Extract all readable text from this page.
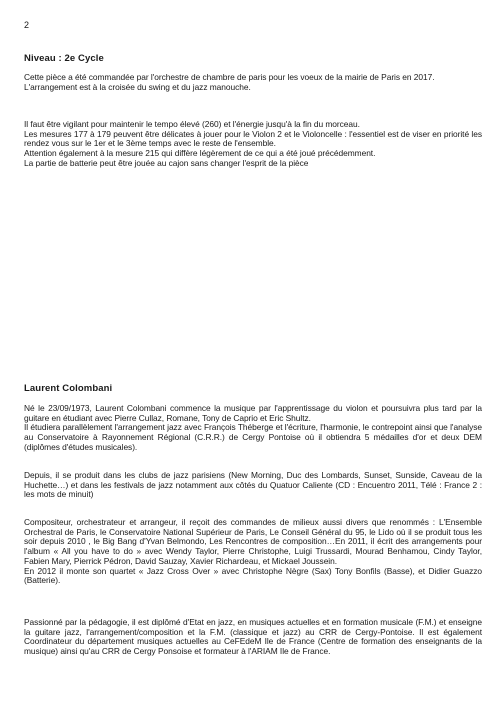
2
Niveau : 2e Cycle
Cette pièce a été commandée par l'orchestre de chambre de paris pour les voeux de la mairie de Paris en 2017.
L'arrangement est à la croisée du swing et du jazz manouche.
Il faut être vigilant pour maintenir le tempo élevé (260) et l'énergie jusqu'à la fin du morceau.
Les mesures 177 à 179 peuvent être délicates à jouer pour le Violon 2 et le Violoncelle : l'essentiel est de viser en priorité les rendez vous sur le 1er et le 3ème temps avec le reste de l'ensemble.
Attention également à la mesure 215 qui diffère légèrement de ce qui a été joué précédemment.
La partie de batterie peut être jouée au cajon sans changer l'esprit de la pièce
Laurent Colombani
Né le 23/09/1973, Laurent Colombani commence la musique par l'apprentissage du violon et poursuivra plus tard par la guitare en étudiant avec Pierre Cullaz, Romane, Tony de Caprio et Eric Shultz.
Il étudiera parallèlement l'arrangement jazz avec François Théberge et l'écriture, l'harmonie, le contrepoint ainsi que l'analyse au Conservatoire à Rayonnement Régional (C.R.R.) de Cergy Pontoise où il obtiendra 5 médailles d'or et deux DEM (diplômes d'études musicales).
Depuis, il se produit dans les clubs de jazz parisiens (New Morning, Duc des Lombards, Sunset, Sunside, Caveau de la Huchette…) et dans les festivals de jazz notamment aux côtés du Quatuor Caliente (CD : Encuentro 2011, Télé : France 2 : les mots de minuit)
Compositeur, orchestrateur et arrangeur, il reçoit des commandes de milieux aussi divers que renommés : L'Ensemble Orchestral de Paris, le Conservatoire National Supérieur de Paris, Le Conseil Général du 95, le Lido où il se produit tous les soir depuis 2010 , le Big Bang d'Yvan Belmondo, Les Rencontres de composition…En 2011, il écrit des arrangements pour l'album « All you have to do » avec Wendy Taylor, Pierre Christophe, Luigi Trussardi, Mourad Benhamou, Cindy Taylor, Fabien Mary, Pierrick Pédron, David Sauzay, Xavier Richardeau, et Mickael Joussein.
En 2012 il monte son quartet « Jazz Cross Over » avec Christophe Nègre (Sax) Tony Bonfils (Basse), et Didier Guazzo (Batterie).
Passionné par la pédagogie, il est diplômé d'Etat en jazz, en musiques actuelles et en formation musicale (F.M.) et enseigne la guitare jazz, l'arrangement/composition et la F.M. (classique et jazz) au CRR de Cergy-Pontoise. Il est également Coordinateur du département musiques actuelles au CeFEdeM Ile de France (Centre de formation des enseignants de la musique) ainsi qu'au CRR de Cergy Ponsoise et formateur à l'ARIAM Ile de France.
